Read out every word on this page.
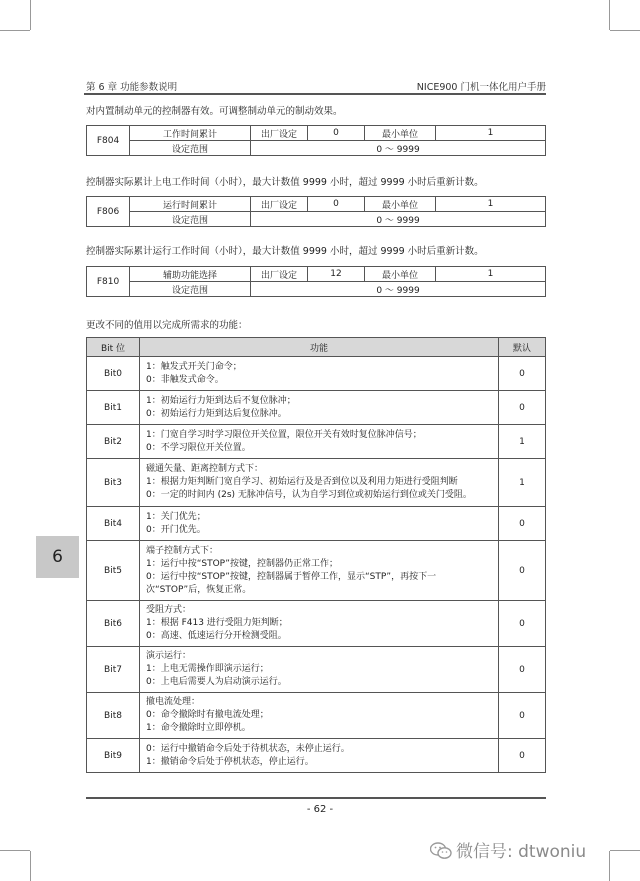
第 6 章 功能参数说明	NICE900 门机一体化用户手册
对内置制动单元的控制器有效。可调整制动单元的制动效果。
F804	工作时间累计	出厂设定	0	最小单位	1
	设定范围	0 ～ 9999			
控制器实际累计上电工作时间（小时），最大计数值 9999 小时，超过 9999 小时后重新计数。
F806	运行时间累计	出厂设定	0	最小单位	1
	设定范围	0 ～ 9999			
控制器实际累计运行工作时间（小时），最大计数值 9999 小时，超过 9999 小时后重新计数。
F810	辅助功能选择	出厂设定	12	最小单位	1
	设定范围	0 ～ 9999			
更改不同的值用以完成所需求的功能：
Bit 位	功能	默认
Bit0	1：触发式开关门命令；
0：非触发式命令。	0
Bit1	1：初始运行力矩到达后不复位脉冲；
0：初始运行力矩到达后复位脉冲。	0
Bit2	1：门宽自学习时学习限位开关位置，限位开关有效时复位脉冲信号；
0：不学习限位开关位置。	1
Bit3	磁通矢量、距离控制方式下：
1：根据力矩判断门宽自学习、初始运行及是否到位以及利用力矩进行受阻判断
0：一定的时间内 (2s) 无脉冲信号，认为自学习到位或初始运行到位或关门受阻。	1
Bit4	1：关门优先；
0：开门优先。	0
Bit5	端子控制方式下：
1：运行中按“STOP”按键，控制器仍正常工作；
0：运行中按“STOP”按键，控制器属于暂停工作，显示“STP”，再按下一
次“STOP”后，恢复正常。	0
Bit6	受阻方式：
1：根据 F413 进行受阻力矩判断；
0：高速、低速运行分开检测受阻。	0
Bit7	演示运行：
1：上电无需操作即演示运行；
0：上电后需要人为启动演示运行。	0
Bit8	撤电流处理：
0：命令撤除时有撤电流处理；
1：命令撤除时立即停机。	0
Bit9	0：运行中撤销命令后处于待机状态，未停止运行。
1：撤销命令后处于停机状态，停止运行。	0
6
- 62 -
微信号: dtwoniu
